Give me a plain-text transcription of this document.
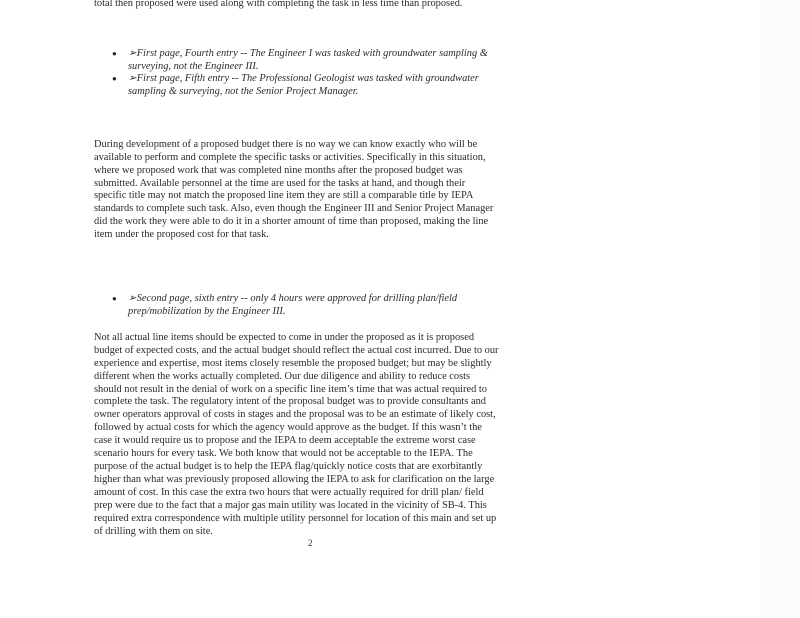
total then proposed were used along with completing the task in less time than proposed.
● ➢First page, Fourth entry -- The Engineer I was tasked with groundwater sampling &
surveying, not the Engineer III.
● ➢First page, Fifth entry -- The Professional Geologist was tasked with groundwater
sampling & surveying, not the Senior Project Manager.
During development of a proposed budget there is no way we can know exactly who will be
available to perform and complete the specific tasks or activities. Specifically in this situation,
where we proposed work that was completed nine months after the proposed budget was
submitted. Available personnel at the time are used for the tasks at hand, and though their
specific title may not match the proposed line item they are still a comparable title by IEPA
standards to complete such task. Also, even though the Engineer III and Senior Project Manager
did the work they were able to do it in a shorter amount of time than proposed, making the line
item under the proposed cost for that task.
● ➢Second page, sixth entry -- only 4 hours were approved for drilling plan/field
prep/mobilization by the Engineer III.
Not all actual line items should be expected to come in under the proposed as it is proposed
budget of expected costs, and the actual budget should reflect the actual cost incurred. Due to our
experience and expertise, most items closely resemble the proposed budget; but may be slightly
different when the works actually completed. Our due diligence and ability to reduce costs
should not result in the denial of work on a specific line item’s time that was actual required to
complete the task. The regulatory intent of the proposal budget was to provide consultants and
owner operators approval of costs in stages and the proposal was to be an estimate of likely cost,
followed by actual costs for which the agency would approve as the budget. If this wasn’t the
case it would require us to propose and the IEPA to deem acceptable the extreme worst case
scenario hours for every task. We both know that would not be acceptable to the IEPA. The
purpose of the actual budget is to help the IEPA flag/quickly notice costs that are exorbitantly
higher than what was previously proposed allowing the IEPA to ask for clarification on the large
amount of cost. In this case the extra two hours that were actually required for drill plan/ field
prep were due to the fact that a major gas main utility was located in the vicinity of SB-4. This
required extra correspondence with multiple utility personnel for location of this main and set up
of drilling with them on site.
2
